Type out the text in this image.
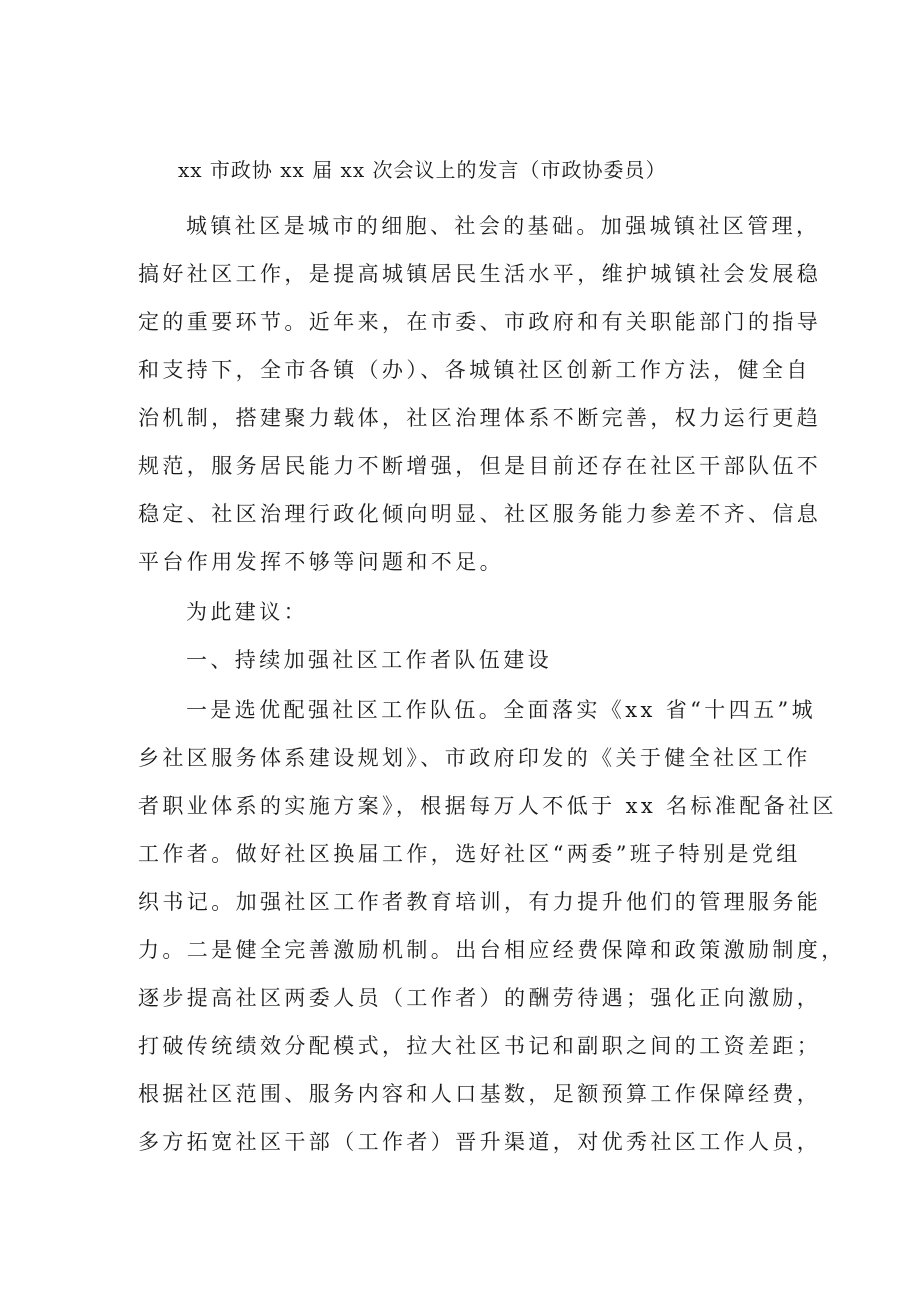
xx 市政协 xx 届 xx 次会议上的发言（市政协委员）
城镇社区是城市的细胞、社会的基础。加强城镇社区管理，
搞好社区工作，是提高城镇居民生活水平，维护城镇社会发展稳
定的重要环节。近年来，在市委、市政府和有关职能部门的指导
和支持下，全市各镇（办）、各城镇社区创新工作方法，健全自
治机制，搭建聚力载体，社区治理体系不断完善，权力运行更趋
规范，服务居民能力不断增强，但是目前还存在社区干部队伍不
稳定、社区治理行政化倾向明显、社区服务能力参差不齐、信息
平台作用发挥不够等问题和不足。
为此建议：
一、持续加强社区工作者队伍建设
一是选优配强社区工作队伍。全面落实《xx 省“十四五”城
乡社区服务体系建设规划》、市政府印发的《关于健全社区工作
者职业体系的实施方案》，根据每万人不低于 xx 名标准配备社区
工作者。做好社区换届工作，选好社区“两委”班子特别是党组
织书记。加强社区工作者教育培训，有力提升他们的管理服务能
力。二是健全完善激励机制。出台相应经费保障和政策激励制度，
逐步提高社区两委人员（工作者）的酬劳待遇；强化正向激励，
打破传统绩效分配模式，拉大社区书记和副职之间的工资差距；
根据社区范围、服务内容和人口基数，足额预算工作保障经费，
多方拓宽社区干部（工作者）晋升渠道，对优秀社区工作人员，
